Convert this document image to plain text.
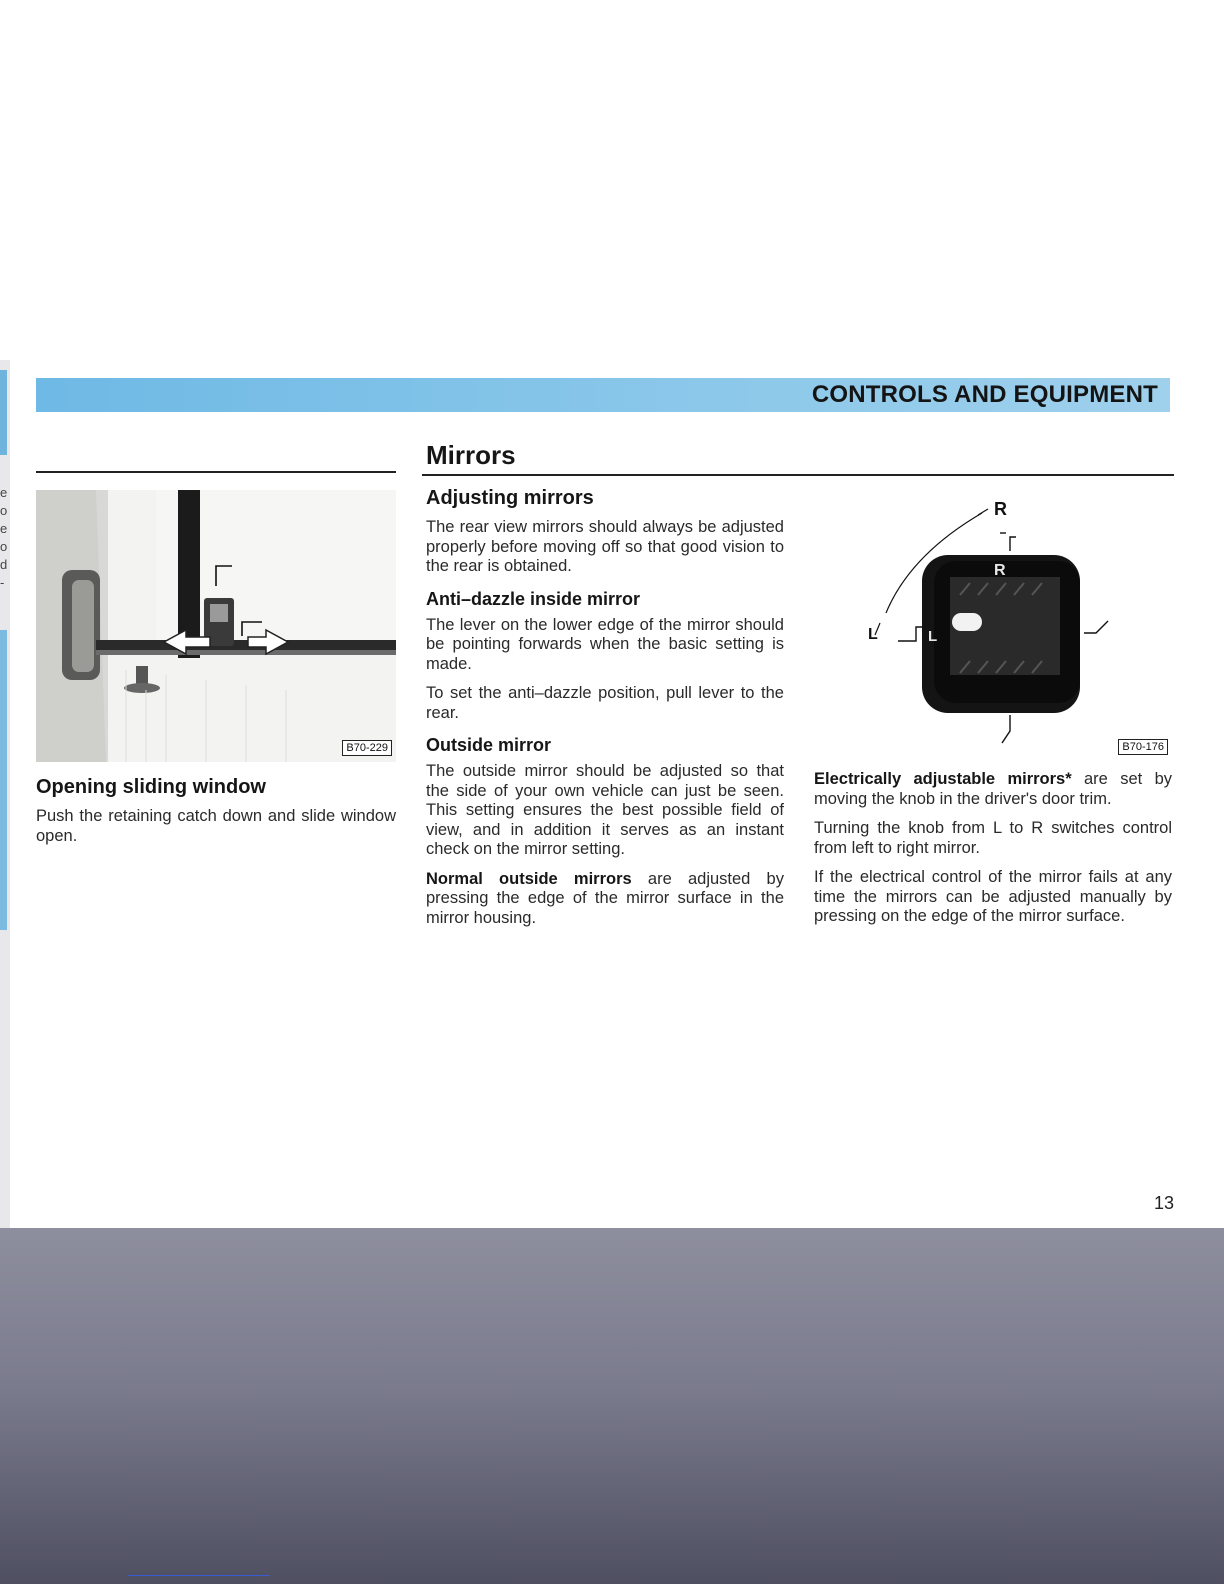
e
o
e
o
d
-
CONTROLS AND EQUIPMENT
Mirrors
B70-229
Opening sliding window
Push the retaining catch down and slide window open.
Adjusting mirrors
The rear view mirrors should always be adjusted properly before moving off so that good vision to the rear is obtained.
Anti–dazzle inside mirror
The lever on the lower edge of the mirror should be pointing forwards when the basic setting is made.
To set the anti–dazzle position, pull lever to the rear.
Outside mirror
The outside mirror should be adjusted so that the side of your own vehicle can just be seen. This setting ensures the best possible field of view, and in addition it serves as an instant check on the mirror setting.
Normal outside mirrors are adjusted by pressing the edge of the mirror surface in the mirror housing.
R
L
R
L
B70-176
Electrically adjustable mirrors* are set by moving the knob in the driver's door trim.
Turning the knob from L to R switches control from left to right mirror.
If the electrical control of the mirror fails at any time the mirrors can be adjusted manually by pressing on the edge of the mirror surface.
13
